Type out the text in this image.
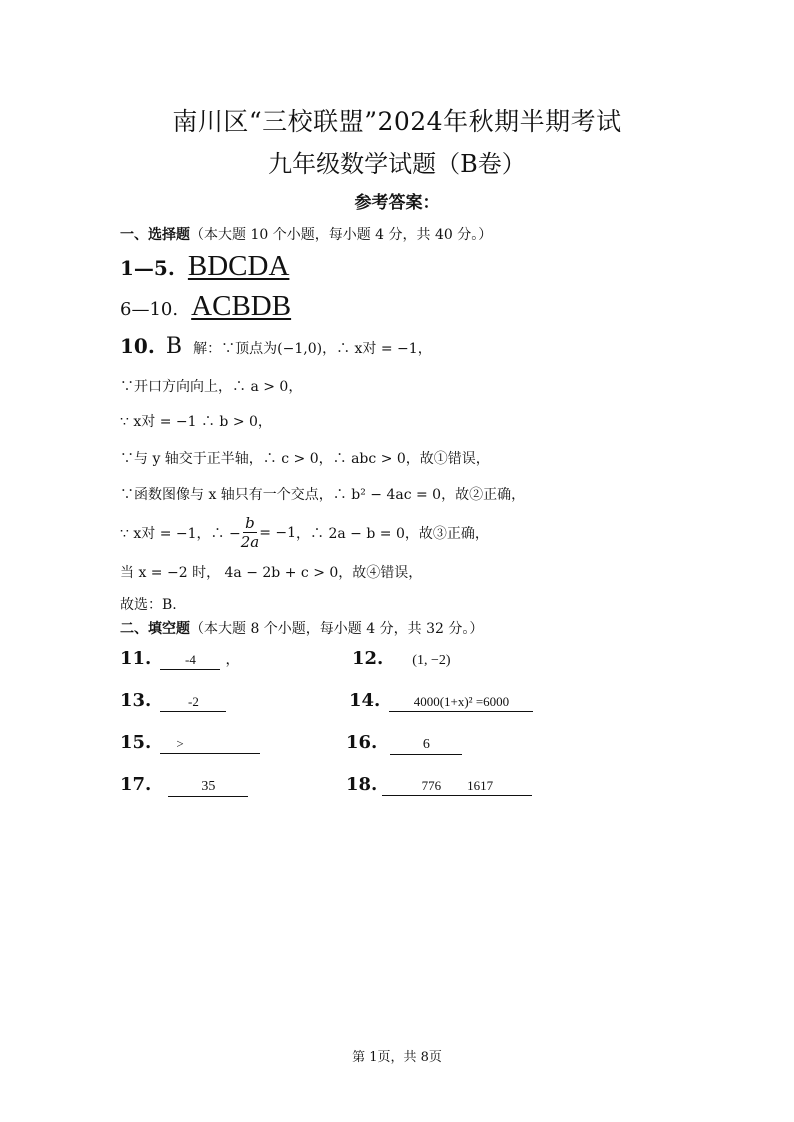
南川区“三校联盟”2024年秋期半期考试
九年级数学试题（B卷）
参考答案：
一、选择题（本大题 10 个小题，每小题 4 分，共 40 分。）
1—5. BDCDA
6—10. ACBDB
10. B 解：∵顶点为(−1,0)，∴ x对 = −1，
∵开口方向向上，∴ a > 0，
∵ x对 = −1 ∴ b > 0，
∵与 y 轴交于正半轴，∴ c > 0，∴ abc > 0，故①错误，
∵函数图像与 x 轴只有一个交点，∴ b² − 4ac = 0，故②正确，
∵ x对 = −1，∴ − $\frac{b}{2a} = -1$ ，∴ 2a − b = 0，故③正确，
当 x = −2 时， 4a − 2b + c > 0，故④错误，
故选：B.
二、填空题（本大题 8 个小题，每小题 4 分，共 32 分。）
11.	-4 ，	12. (1, −2)
13.	-2	14.	4000(1+x)² =6000
15. >	16.	6
17.	35	18.	776        1617
第 1页，共 8页
